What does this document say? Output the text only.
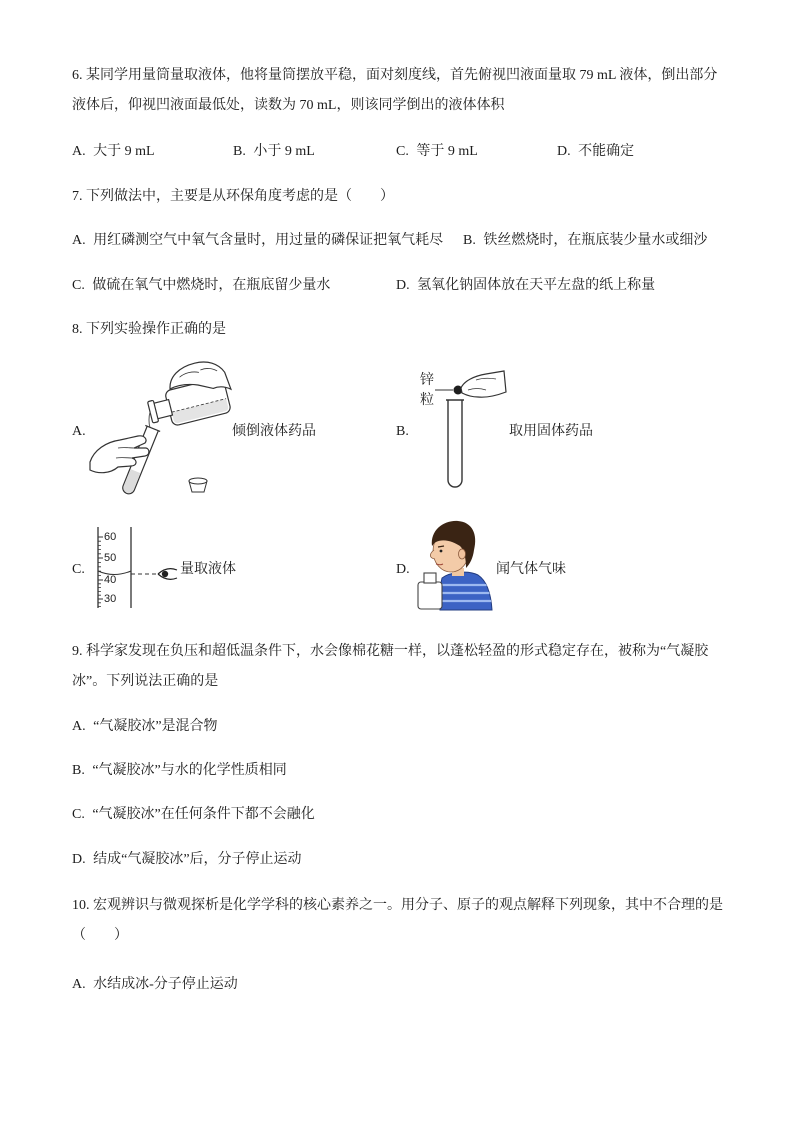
6. 某同学用量筒量取液体，他将量筒摆放平稳，面对刻度线，首先俯视凹液面量取 79 mL 液体，倒出部分液体后，仰视凹液面最低处，读数为 70 mL，则该同学倒出的液体体积
A. 大于 9 mL	B. 小于 9 mL	C. 等于 9 mL	D. 不能确定
7. 下列做法中，主要是从环保角度考虑的是（　　）
A. 用红磷测空气中氧气含量时，用过量的磷保证把氧气耗尽 B. 铁丝燃烧时，在瓶底装少量水或细沙
C. 做硫在氧气中燃烧时，在瓶底留少量水	D. 氢氧化钠固体放在天平左盘的纸上称量
8. 下列实验操作正确的是
A.	倾倒液体药品	B.
锌粒
取用固体药品
C.
60
50
40
30
量取液体	D.	闻气体气味
9. 科学家发现在负压和超低温条件下，水会像棉花糖一样，以蓬松轻盈的形式稳定存在，被称为“气凝胶冰”。下列说法正确的是
A. “气凝胶冰”是混合物
B. “气凝胶冰”与水的化学性质相同
C. “气凝胶冰”在任何条件下都不会融化
D. 结成“气凝胶冰”后，分子停止运动
10. 宏观辨识与微观探析是化学学科的核心素养之一。用分子、原子的观点解释下列现象，其中不合理的是（　　）
A. 水结成冰-分子停止运动
